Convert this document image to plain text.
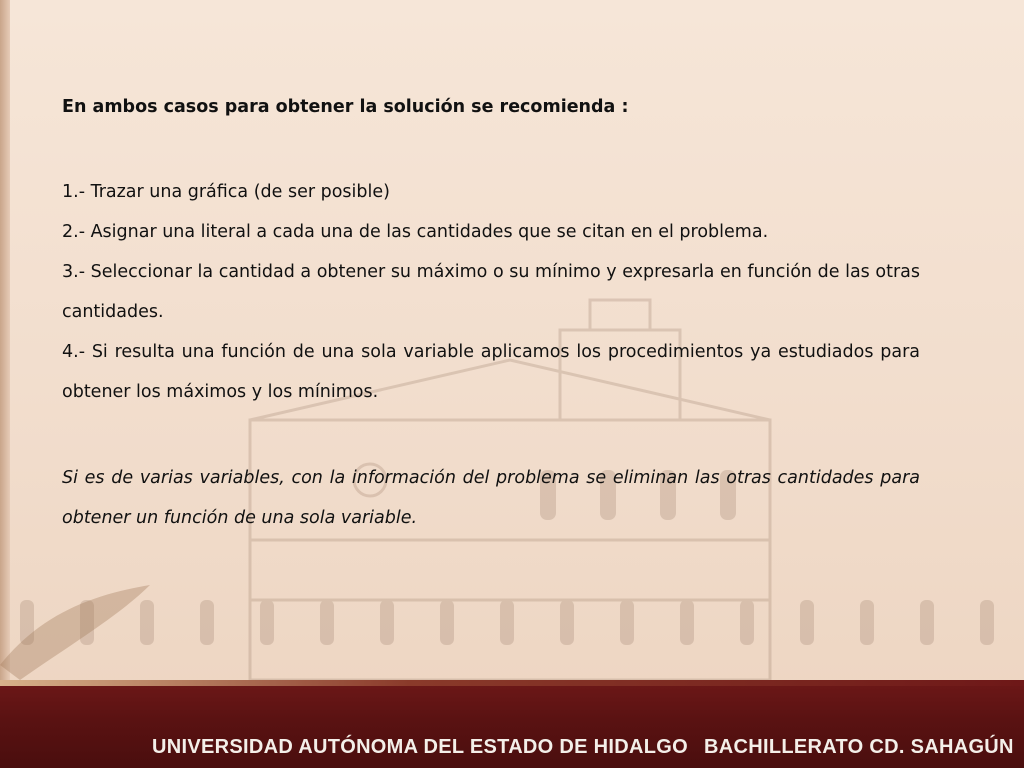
En ambos casos para obtener la solución se recomienda :

1.- Trazar una gráfica (de ser posible)

2.- Asignar una literal a cada una de las cantidades que se citan en el problema.

3.- Seleccionar la cantidad a obtener su máximo o su mínimo y expresarla en función de las otras cantidades.

4.- Si resulta una función de una sola variable aplicamos los procedimientos ya estudiados para obtener los máximos y los mínimos.

Si es de varias variables, con la información del problema se eliminan las otras cantidades para obtener un función de una sola variable.

UNIVERSIDAD AUTÓNOMA DEL ESTADO DE HIDALGO BACHILLERATO CD. SAHAGÚN
